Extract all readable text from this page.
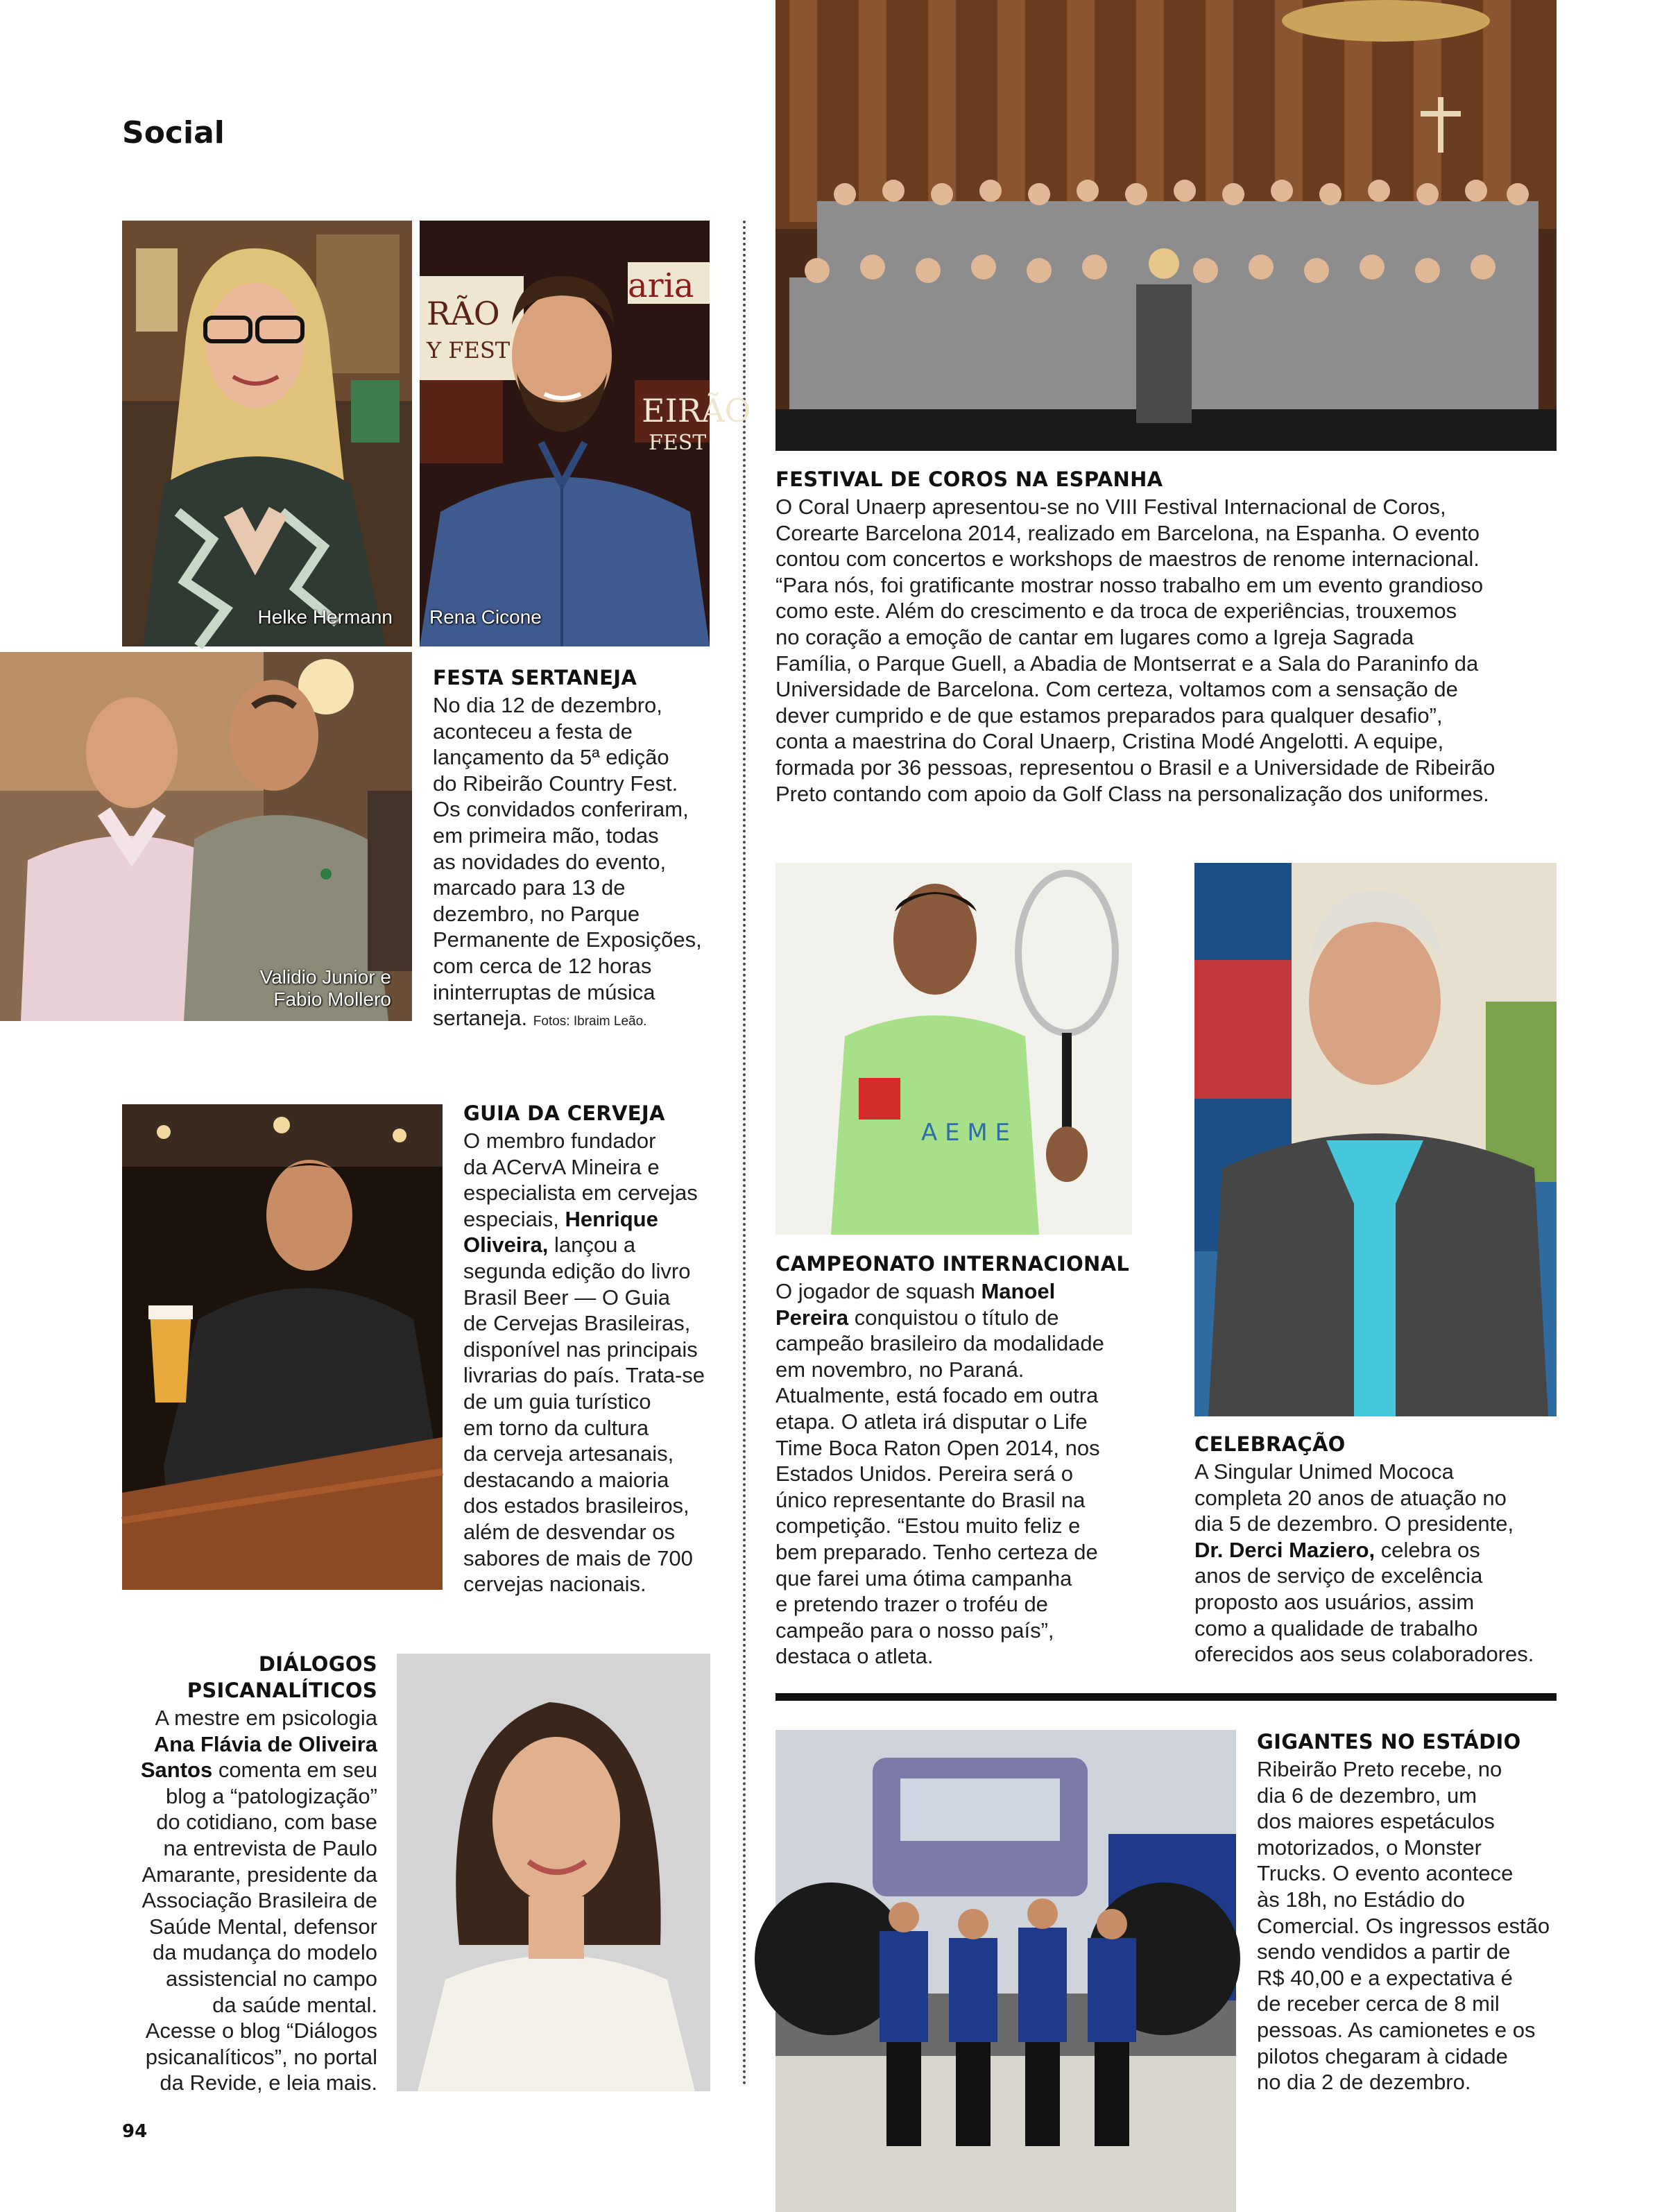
Social
Helke Hermann
RÃO
Y FEST
EIRÃO
FEST
aria
Rena Cicone
Validio Junior e
Fabio Mollero
FESTA SERTANEJA

No dia 12 de dezembro,
aconteceu a festa de
lançamento da 5ª edição
do Ribeirão Country Fest.
Os convidados conferiram,
em primeira mão, todas
as novidades do evento,
marcado para 13 de
dezembro, no Parque
Permanente de Exposições,
com cerca de 12 horas
ininterruptas de música
sertaneja. Fotos: Ibraim Leão.

FESTIVAL DE COROS NA ESPANHA

O Coral Unaerp apresentou-se no VIII Festival Internacional de Coros,
Corearte Barcelona 2014, realizado em Barcelona, na Espanha. O evento
contou com concertos e workshops de maestros de renome internacional.
“Para nós, foi gratificante mostrar nosso trabalho em um evento grandioso
como este. Além do crescimento e da troca de experiências, trouxemos
no coração a emoção de cantar em lugares como a Igreja Sagrada
Família, o Parque Guell, a Abadia de Montserrat e a Sala do Paraninfo da
Universidade de Barcelona. Com certeza, voltamos com a sensação de
dever cumprido e de que estamos preparados para qualquer desafio”,
conta a maestrina do Coral Unaerp, Cristina Modé Angelotti. A equipe,
formada por 36 pessoas, representou o Brasil e a Universidade de Ribeirão
Preto contando com apoio da Golf Class na personalização dos uniformes.

GUIA DA CERVEJA

O membro fundador
da ACervA Mineira e
especialista em cervejas
especiais, Henrique
Oliveira, lançou a
segunda edição do livro
Brasil Beer — O Guia
de Cervejas Brasileiras,
disponível nas principais
livrarias do país. Trata-se
de um guia turístico
em torno da cultura
da cerveja artesanais,
destacando a maioria
dos estados brasileiros,
além de desvendar os
sabores de mais de 700
cervejas nacionais.

A E M E
CAMPEONATO INTERNACIONAL

O jogador de squash Manoel
Pereira conquistou o título de
campeão brasileiro da modalidade
em novembro, no Paraná.
Atualmente, está focado em outra
etapa. O atleta irá disputar o Life
Time Boca Raton Open 2014, nos
Estados Unidos. Pereira será o
único representante do Brasil na
competição. “Estou muito feliz e
bem preparado. Tenho certeza de
que farei uma ótima campanha
e pretendo trazer o troféu de
campeão para o nosso país”,
destaca o atleta.

CELEBRAÇÃO

A Singular Unimed Mococa
completa 20 anos de atuação no
dia 5 de dezembro. O presidente,
Dr. Derci Maziero, celebra os
anos de serviço de excelência
proposto aos usuários, assim
como a qualidade de trabalho
oferecidos aos seus colaboradores.

DIÁLOGOS
PSICANALÍTICOS

A mestre em psicologia
Ana Flávia de Oliveira
Santos comenta em seu
blog a “patologização”
do cotidiano, com base
na entrevista de Paulo
Amarante, presidente da
Associação Brasileira de
Saúde Mental, defensor
da mudança do modelo
assistencial no campo
da saúde mental.
Acesse o blog “Diálogos
psicanalíticos”, no portal
da Revide, e leia mais.

GIGANTES NO ESTÁDIO

Ribeirão Preto recebe, no
dia 6 de dezembro, um
dos maiores espetáculos
motorizados, o Monster
Trucks. O evento acontece
às 18h, no Estádio do
Comercial. Os ingressos estão
sendo vendidos a partir de
R$ 40,00 e a expectativa é
de receber cerca de 8 mil
pessoas. As camionetes e os
pilotos chegaram à cidade
no dia 2 de dezembro.

94
